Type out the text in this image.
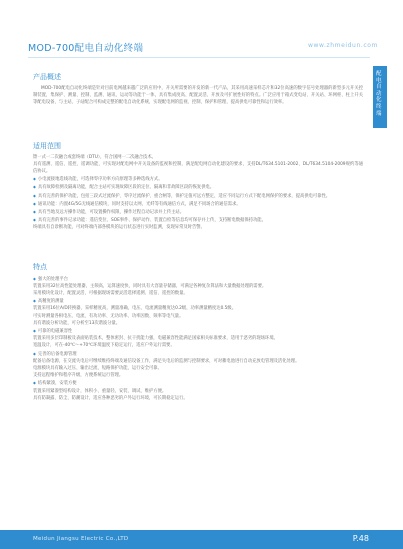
MOD-700配电自动化终端	www.zhmeidun.com
配电自动化终端
产品概述

MOD-700配电自动化终端是针对目前电网越来越广泛的应用中，开关所需要的开发的新一代产品，其采用高速采样芯片和32位高速的数字信号处理器的新型多元开关控制装置，集保护、测量、控制、监测、通讯、运动等功能于一体，具有集成度高、配置灵活、开放及可扩展性好的特点。广泛应用于箱式变电站、开关站、环网柜、柱上开关等配电设备，与主站、子站配合可构成完整的配电自动化系统，实现配电网的监视、控制、保护和管理，提高供电可靠性和运行效率。

适用范围

馈一式一二次融合成套终端（DTU），符合国网一二次融合技术。

具有遥测、遥信、遥控、遥调功能，可实现对配电网中开关设备的监视和控制，满足配电网自动化建设的要求，支持DL/T634.5101-2002、DL/T634.5104-2009规约等通信协议。

◆ 小电流接地选线功能，可选择零序功率方向原理等多种选线方式。

◆ 具有故障检测及隔离功能，配合主站可实现故障区段的定位、隔离和非故障区段的恢复供电。

◆ 具有完善的保护功能，包括三段式过流保护、零序过流保护、重合闸等，保护定值可远方整定，适应不同运行方式下配电网保护的要求，提高供电可靠性。

◆ 通讯功能：内置4G/5G无线通信模块，同时支持以太网、光纤等有线通信方式，满足不同场合的通信需求。

◆ 具有当地及远方操作功能，可设置操作权限，操作过程自动记录并上传主站。

◆ 具有完善的事件记录功能：遥信变位、SOE事件、保护动作、装置自检等信息均可保存并上传，支持断电数据保持功能。

终端具有自诊断功能，可对终端内部各模块的运行状态进行实时监测，发现异常及时告警。

特点

◆ 强大的处理平台

装置采用32位高性能处理器，主频高，运算速度快，同时具有大容量存储器，可满足各种复杂算法和大量数据处理的需要。

采用模块化设计，配置灵活，可根据现场需要灵活选择遥测、遥信、遥控的数量。

◆ 高精度的测量

装置采用16位A/D转换器，采样精度高，测量准确，电压、电流测量精度达0.2级，功率测量精度达0.5级。

可实时测量各相电压、电流、有功功率、无功功率、功率因数、频率等电气量。

具有谐波分析功能，可分析至13次谐波分量。

◆ 可靠的电磁兼容性

装置采用多层印制板及表面贴装技术，整体密封、抗干扰能力强，电磁兼容性能满足国家相关标准要求，适用于恶劣的现场环境。

宽温设计，可在-40℃～+70℃环境温度下稳定运行，适应户外运行需要。

◆ 完善的后备电源管理

配备后备电源，在交流失电后可继续维持终端及通信设备工作，满足失电后的监测与控制要求，可对蓄电池进行自动充放电管理及活化处理。

电源模块具有输入过压、输出过流、短路保护功能，运行安全可靠。

支持远程维护和程序升级，方便系统运行管理。

◆ 结构紧凑，安装方便

装置采用紧凑型结构设计，体积小、重量轻，安装、调试、维护方便。

具有防凝露、防尘、防潮设计，适应各种恶劣的户外运行环境，可长期稳定运行。

Meidun Jiangsu Electric Co.,LTD	P.48
